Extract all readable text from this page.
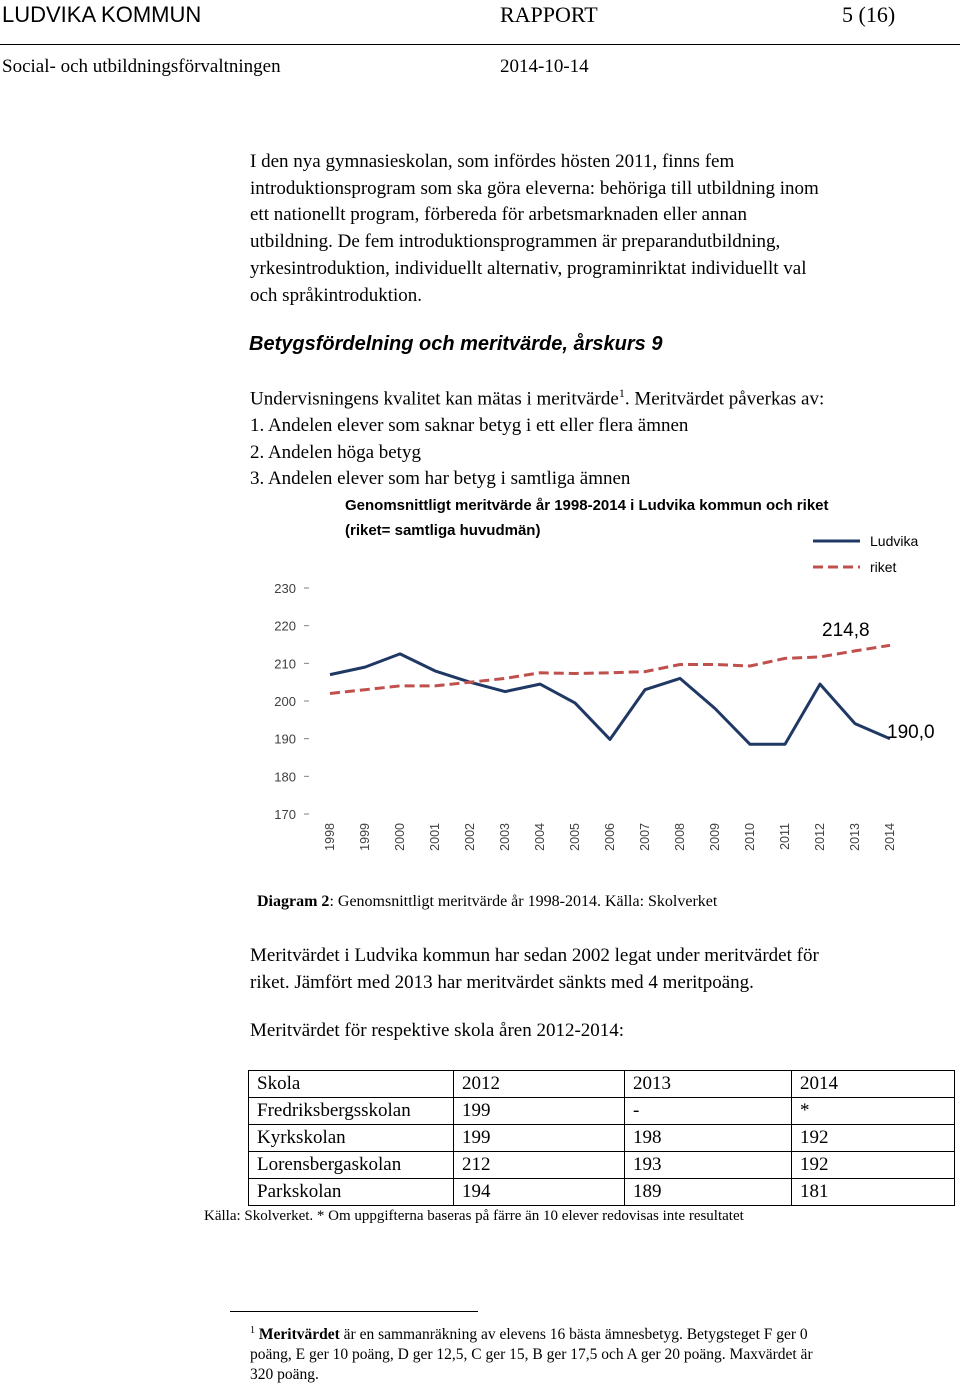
LUDVIKA KOMMUN	RAPPORT	5 (16)
Social- och utbildningsförvaltningen	2014-10-14

I den nya gymnasieskolan, som infördes hösten 2011, finns fem

introduktionsprogram som ska göra eleverna: behöriga till utbildning inom

ett nationellt program, förbereda för arbetsmarknaden eller annan

utbildning. De fem introduktionsprogrammen är preparandutbildning,

yrkesintroduktion, individuellt alternativ, programinriktat individuellt val

och språkintroduktion.

Betygsfördelning och meritvärde, årskurs 9
Undervisningens kvalitet kan mätas i meritvärde$^1$. Meritvärdet påverkas av:
1. Andelen elever som saknar betyg i ett eller flera ämnen
2. Andelen höga betyg
3. Andelen elever som har betyg i samtliga ämnen
Genomsnittligt meritvärde år 1998-2014 i Ludvika kommun och riket
(riket= samtliga huvudmän)
230
220
210
200
190
180
170
1998 1999 2000 2001 2002 2003 2004 2005 2006 2007 2008 2009 2010 2011 2012 2013 2014
Ludvika
riket
214,8
190,0
Diagram 2: Genomsnittligt meritvärde år 1998-2014. Källa: Skolverket
Meritvärdet i Ludvika kommun har sedan 2002 legat under meritvärdet för
riket. Jämfört med 2013 har meritvärdet sänkts med 4 meritpoäng.
Meritvärdet för respektive skola åren 2012-2014:
Skola	2012	2013	2014
Fredriksbergsskolan	199	-	*
Kyrkskolan	199	198	192
Lorensbergaskolan	212	193	192
Parkskolan	194	189	181
Källa: Skolverket. * Om uppgifterna baseras på färre än 10 elever redovisas inte resultatet
$^1$ Meritvärdet är en sammanräkning av elevens 16 bästa ämnesbetyg. Betygsteget F ger 0
poäng, E ger 10 poäng, D ger 12,5, C ger 15, B ger 17,5 och A ger 20 poäng. Maxvärdet är
320 poäng.
